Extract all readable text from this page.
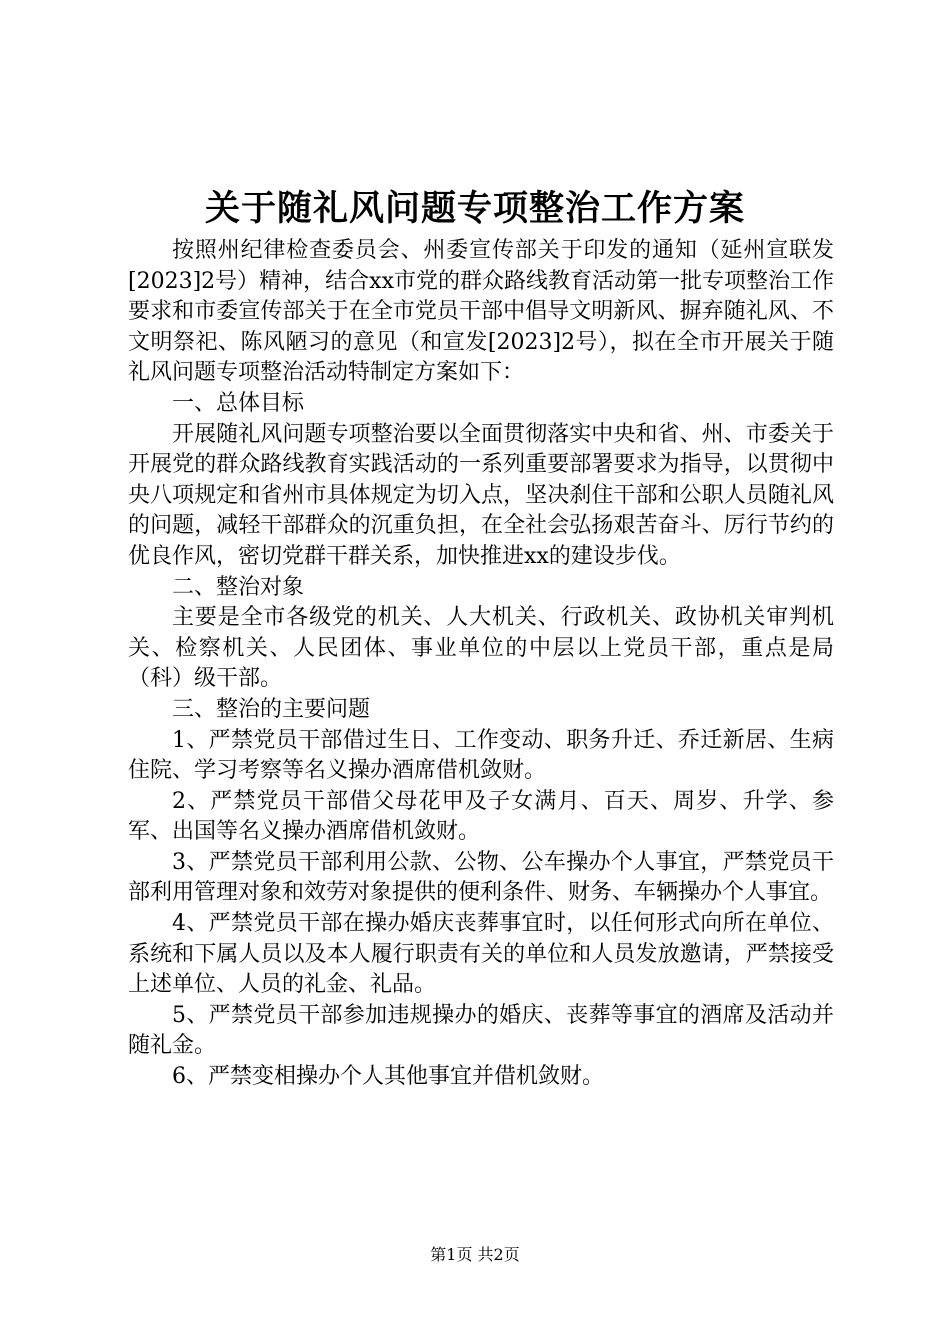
关于随礼风问题专项整治工作方案

按照州纪律检查委员会、州委宣传部关于印发的通知（延州宣联发[2023]2号）精神，结合xx市党的群众路线教育活动第一批专项整治工作要求和市委宣传部关于在全市党员干部中倡导文明新风、摒弃随礼风、不文明祭祀、陈风陋习的意见（和宣发[2023]2号），拟在全市开展关于随礼风问题专项整治活动特制定方案如下：

一、总体目标

开展随礼风问题专项整治要以全面贯彻落实中央和省、州、市委关于开展党的群众路线教育实践活动的一系列重要部署要求为指导，以贯彻中央八项规定和省州市具体规定为切入点，坚决刹住干部和公职人员随礼风的问题，减轻干部群众的沉重负担，在全社会弘扬艰苦奋斗、厉行节约的优良作风，密切党群干群关系，加快推进xx的建设步伐。

二、整治对象

主要是全市各级党的机关、人大机关、行政机关、政协机关审判机关、检察机关、人民团体、事业单位的中层以上党员干部，重点是局（科）级干部。

三、整治的主要问题

1、严禁党员干部借过生日、工作变动、职务升迁、乔迁新居、生病住院、学习考察等名义操办酒席借机敛财。

2、严禁党员干部借父母花甲及子女满月、百天、周岁、升学、参军、出国等名义操办酒席借机敛财。

3、严禁党员干部利用公款、公物、公车操办个人事宜，严禁党员干部利用管理对象和效劳对象提供的便利条件、财务、车辆操办个人事宜。

4、严禁党员干部在操办婚庆丧葬事宜时，以任何形式向所在单位、系统和下属人员以及本人履行职责有关的单位和人员发放邀请，严禁接受上述单位、人员的礼金、礼品。

5、严禁党员干部参加违规操办的婚庆、丧葬等事宜的酒席及活动并随礼金。

6、严禁变相操办个人其他事宜并借机敛财。

第1页 共2页
